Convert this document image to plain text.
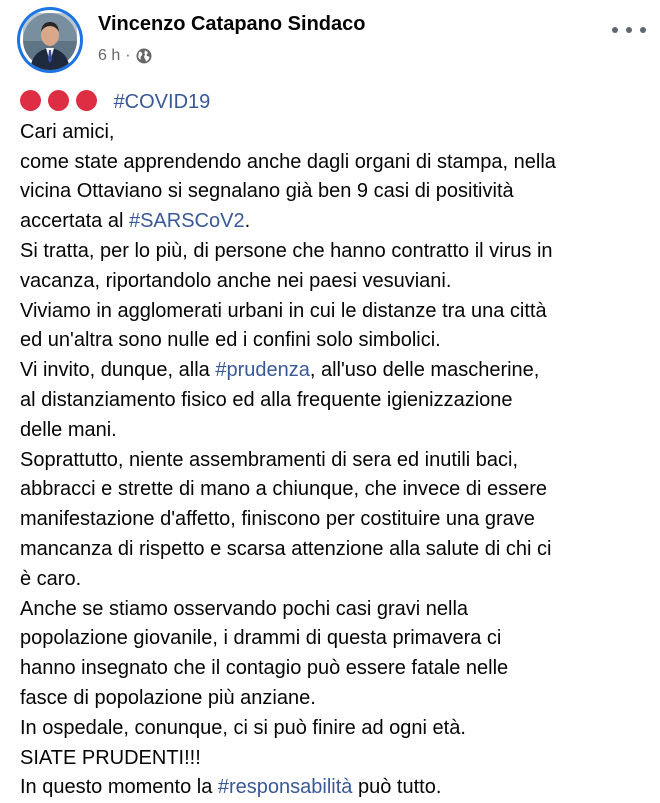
Vincenzo Catapano Sindaco
6 h ·
#COVID19
Cari amici,
come state apprendendo anche dagli organi di stampa, nella
vicina Ottaviano si segnalano già ben 9 casi di positività
accertata al #SARSCoV2.
Si tratta, per lo più, di persone che hanno contratto il virus in
vacanza, riportandolo anche nei paesi vesuviani.
Viviamo in agglomerati urbani in cui le distanze tra una città
ed un'altra sono nulle ed i confini solo simbolici.
Vi invito, dunque, alla #prudenza, all'uso delle mascherine,
al distanziamento fisico ed alla frequente igienizzazione
delle mani.
Soprattutto, niente assembramenti di sera ed inutili baci,
abbracci e strette di mano a chiunque, che invece di essere
manifestazione d'affetto, finiscono per costituire una grave
mancanza di rispetto e scarsa attenzione alla salute di chi ci
è caro.
Anche se stiamo osservando pochi casi gravi nella
popolazione giovanile, i drammi di questa primavera ci
hanno insegnato che il contagio può essere fatale nelle
fasce di popolazione più anziane.
In ospedale, conunque, ci si può finire ad ogni età.
SIATE PRUDENTI!!!
In questo momento la #responsabilità può tutto.
